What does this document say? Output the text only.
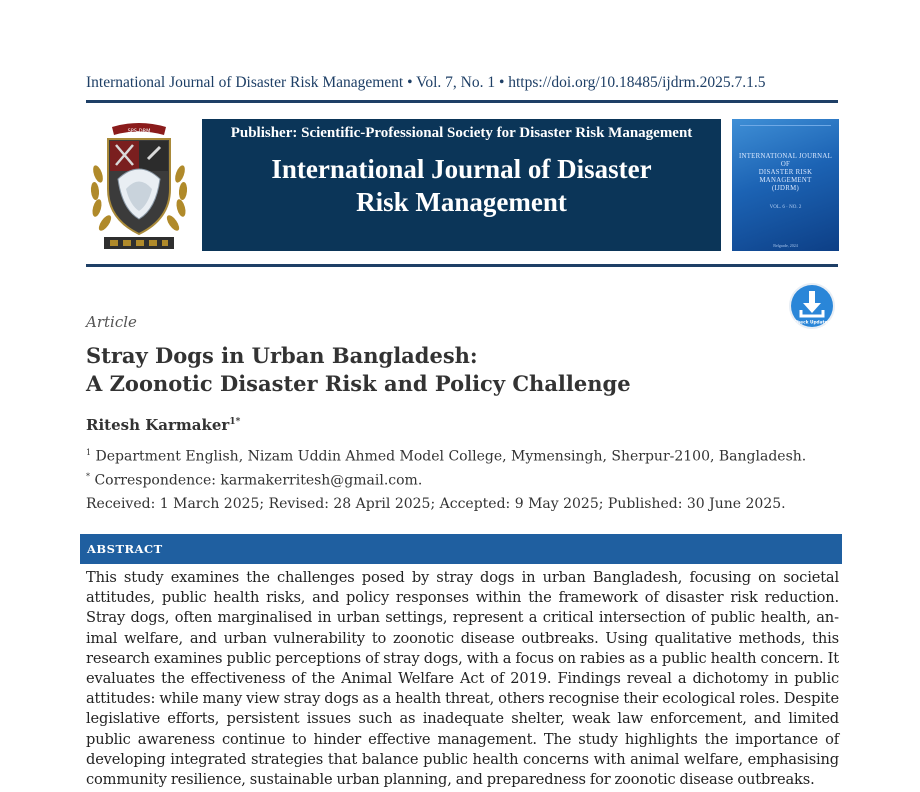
International Journal of Disaster Risk Management • Vol. 7, No. 1 • https://doi.org/10.18485/ijdrm.2025.7.1.5
SPS-DRM	Publisher: Scientific-Professional Society for Disaster Risk Management
International Journal of Disaster
Risk Management
INTERNATIONAL JOURNAL OF
DISASTER RISK
MANAGEMENT
(IJDRM)
VOL. 6 · NO. 2
Belgrade, 2024
Check Updates
Article
Stray Dogs in Urban Bangladesh:
A Zoonotic Disaster Risk and Policy Challenge
Ritesh Karmaker$^{1*}$
$^1$ Department English, Nizam Uddin Ahmed Model College, Mymensingh, Sherpur-2100, Bangladesh.
* Correspondence: karmakerritesh@gmail.com.
Received: 1 March 2025; Revised: 28 April 2025; Accepted: 9 May 2025; Published: 30 June 2025.
ABSTRACT
This study examines the challenges posed by stray dogs in urban Bangladesh, focusing on societal attitudes, public health risks, and policy responses within the framework of disaster risk reduction. Stray dogs, often marginalised in urban settings, represent a critical intersection of public health, animal welfare, and urban vulnerability to zoonotic disease outbreaks. Using qualitative methods, this research examines public perceptions of stray dogs, with a focus on rabies as a public health concern. It evaluates the effectiveness of the Animal Welfare Act of 2019. Findings reveal a dichotomy in public attitudes: while many view stray dogs as a health threat, others recognise their ecological roles. Despite legislative efforts, persistent issues such as inadequate shelter, weak law enforcement, and limited public awareness continue to hinder effective management. The study highlights the importance of developing integrated strategies that balance public health concerns with animal welfare, emphasising community resilience, sustainable urban planning, and preparedness for zoonotic disease outbreaks.
